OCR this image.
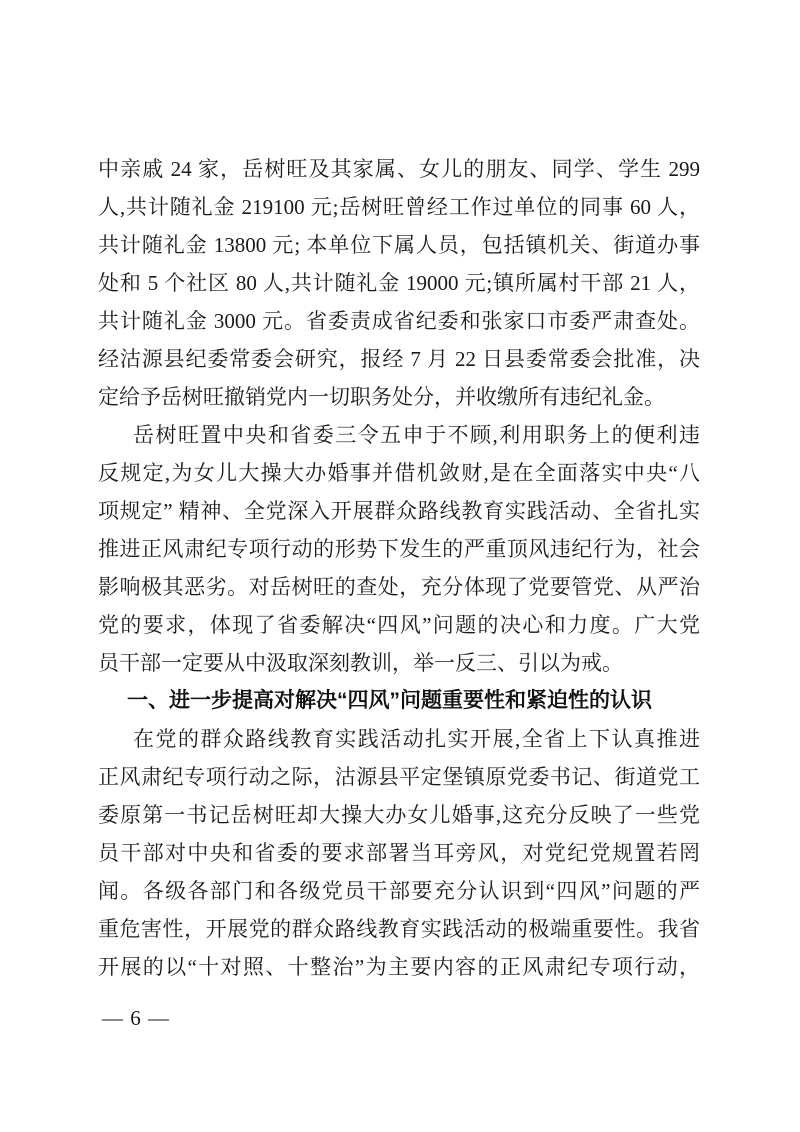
中亲戚 24 家，岳树旺及其家属、女儿的朋友、同学、学生 299
人,共计随礼金 219100 元;岳树旺曾经工作过单位的同事 60 人，
共计随礼金 13800 元; 本单位下属人员，包括镇机关、街道办事
处和 5 个社区 80 人,共计随礼金 19000 元;镇所属村干部 21 人，
共计随礼金 3000 元。省委责成省纪委和张家口市委严肃查处。
经沽源县纪委常委会研究，报经 7 月 22 日县委常委会批准，决
定给予岳树旺撤销党内一切职务处分，并收缴所有违纪礼金。
岳树旺置中央和省委三令五申于不顾,利用职务上的便利违
反规定,为女儿大操大办婚事并借机敛财,是在全面落实中央“八
项规定” 精神、全党深入开展群众路线教育实践活动、全省扎实
推进正风肃纪专项行动的形势下发生的严重顶风违纪行为，社会
影响极其恶劣。对岳树旺的查处，充分体现了党要管党、从严治
党的要求，体现了省委解决“四风”问题的决心和力度。广大党
员干部一定要从中汲取深刻教训，举一反三、引以为戒。
一、进一步提高对解决“四风”问题重要性和紧迫性的认识
在党的群众路线教育实践活动扎实开展,全省上下认真推进
正风肃纪专项行动之际，沽源县平定堡镇原党委书记、街道党工
委原第一书记岳树旺却大操大办女儿婚事,这充分反映了一些党
员干部对中央和省委的要求部署当耳旁风，对党纪党规置若罔
闻。各级各部门和各级党员干部要充分认识到“四风”问题的严
重危害性，开展党的群众路线教育实践活动的极端重要性。我省
开展的以“十对照、十整治”为主要内容的正风肃纪专项行动，
— 6 —
